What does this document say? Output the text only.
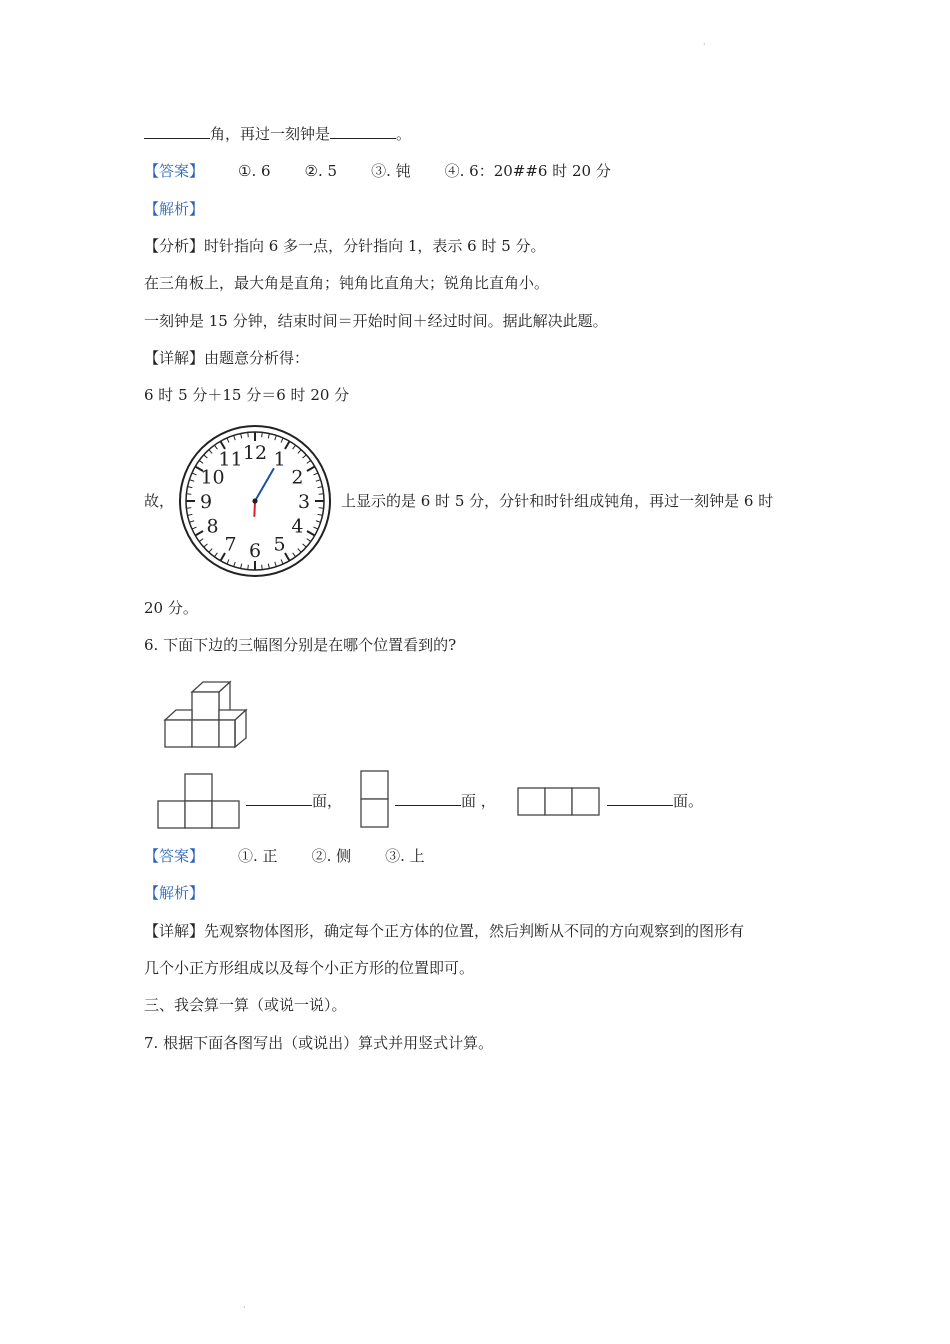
·
角，再过一刻钟是	。
【答案】 ①. 6 ②. 5 ③. 钝 ④. 6：20##6 时 20 分
【解析】
【分析】时针指向 6 多一点，分针指向 1，表示 6 时 5 分。
在三角板上，最大角是直角；钝角比直角大；锐角比直角小。
一刻钟是 15 分钟，结束时间＝开始时间＋经过时间。据此解决此题。
【详解】由题意分析得：
6 时 5 分＋15 分＝6 时 20 分
故，
12 1
2
3
4
5
6
7
8
9
10
11
上显示的是 6 时 5 分，分针和时针组成钝角，再过一刻钟是 6 时
20 分。
6. 下面下边的三幅图分别是在哪个位置看到的?
面，	面 ，	面。
【答案】 ①. 正 ②. 侧 ③. 上
【解析】
【详解】先观察物体图形，确定每个正方体的位置，然后判断从不同的方向观察到的图形有
几个小正方形组成以及每个小正方形的位置即可。
三、我会算一算（或说一说）。
7. 根据下面各图写出（或说出）算式并用竖式计算。
·
